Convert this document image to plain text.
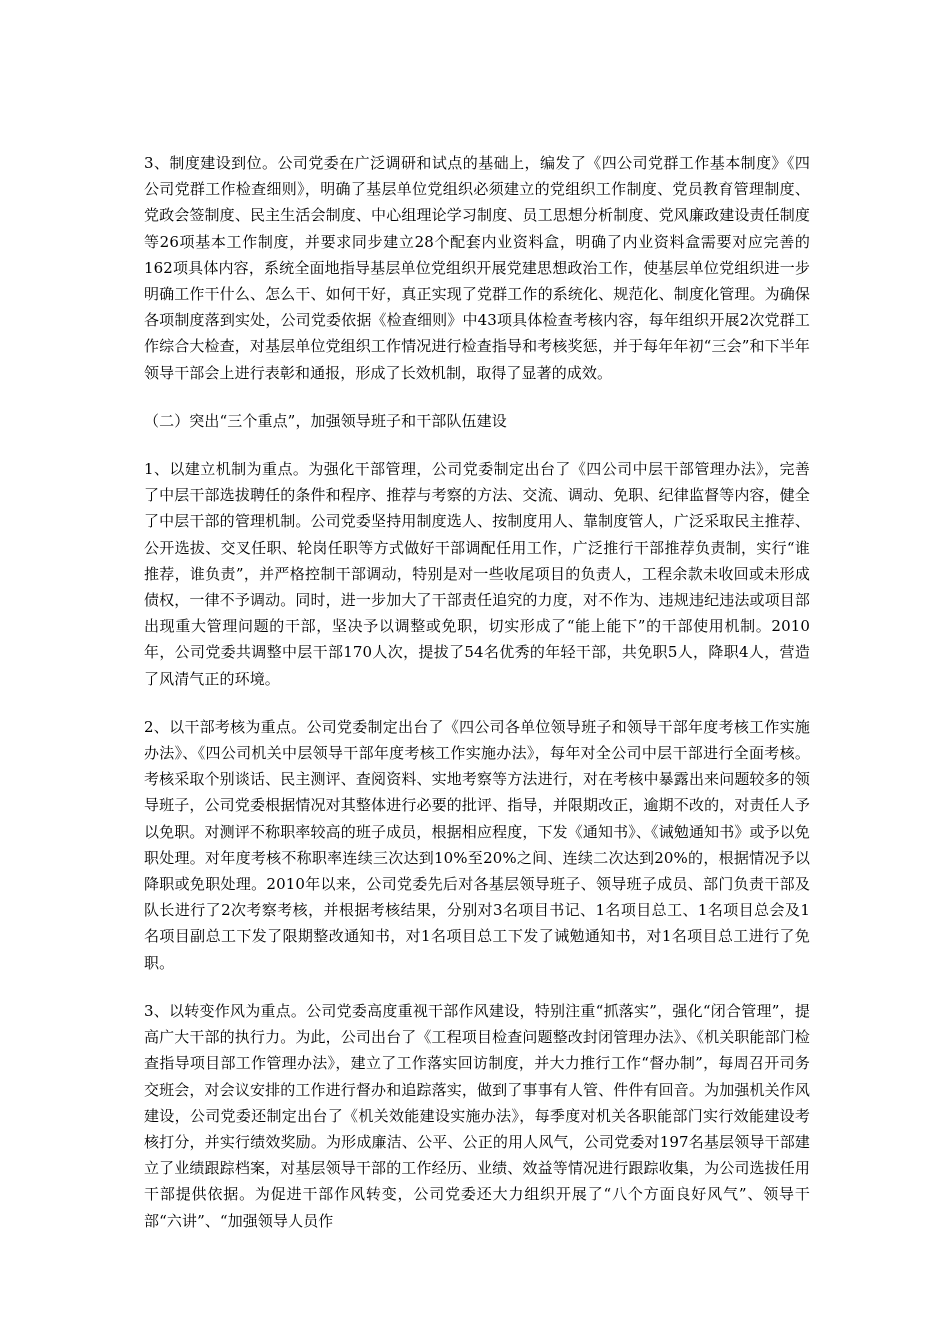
3、制度建设到位。公司党委在广泛调研和试点的基础上，编发了《四公司党群工作基本制度》《四公司党群工作检查细则》，明确了基层单位党组织必须建立的党组织工作制度、党员教育管理制度、党政会签制度、民主生活会制度、中心组理论学习制度、员工思想分析制度、党风廉政建设责任制度等26项基本工作制度，并要求同步建立28个配套内业资料盒，明确了内业资料盒需要对应完善的162项具体内容，系统全面地指导基层单位党组织开展党建思想政治工作，使基层单位党组织进一步明确工作干什么、怎么干、如何干好，真正实现了党群工作的系统化、规范化、制度化管理。为确保各项制度落到实处，公司党委依据《检查细则》中43项具体检查考核内容，每年组织开展2次党群工作综合大检查，对基层单位党组织工作情况进行检查指导和考核奖惩，并于每年年初“三会”和下半年领导干部会上进行表彰和通报，形成了长效机制，取得了显著的成效。

（二）突出“三个重点”，加强领导班子和干部队伍建设

1、以建立机制为重点。为强化干部管理，公司党委制定出台了《四公司中层干部管理办法》，完善了中层干部选拔聘任的条件和程序、推荐与考察的方法、交流、调动、免职、纪律监督等内容，健全了中层干部的管理机制。公司党委坚持用制度选人、按制度用人、靠制度管人，广泛采取民主推荐、公开选拔、交叉任职、轮岗任职等方式做好干部调配任用工作，广泛推行干部推荐负责制，实行“谁推荐，谁负责”，并严格控制干部调动，特别是对一些收尾项目的负责人，工程余款未收回或未形成债权，一律不予调动。同时，进一步加大了干部责任追究的力度，对不作为、违规违纪违法或项目部出现重大管理问题的干部，坚决予以调整或免职，切实形成了“能上能下”的干部使用机制。2010年，公司党委共调整中层干部170人次，提拔了54名优秀的年轻干部，共免职5人，降职4人，营造了风清气正的环境。

2、以干部考核为重点。公司党委制定出台了《四公司各单位领导班子和领导干部年度考核工作实施办法》、《四公司机关中层领导干部年度考核工作实施办法》，每年对全公司中层干部进行全面考核。考核采取个别谈话、民主测评、查阅资料、实地考察等方法进行，对在考核中暴露出来问题较多的领导班子，公司党委根据情况对其整体进行必要的批评、指导，并限期改正，逾期不改的，对责任人予以免职。对测评不称职率较高的班子成员，根据相应程度，下发《通知书》、《诫勉通知书》或予以免职处理。对年度考核不称职率连续三次达到10%至20%之间、连续二次达到20%的，根据情况予以降职或免职处理。2010年以来，公司党委先后对各基层领导班子、领导班子成员、部门负责干部及队长进行了2次考察考核，并根据考核结果，分别对3名项目书记、1名项目总工、1名项目总会及1名项目副总工下发了限期整改通知书，对1名项目总工下发了诫勉通知书，对1名项目总工进行了免职。

3、以转变作风为重点。公司党委高度重视干部作风建设，特别注重“抓落实”，强化“闭合管理”，提高广大干部的执行力。为此，公司出台了《工程项目检查问题整改封闭管理办法》、《机关职能部门检查指导项目部工作管理办法》，建立了工作落实回访制度，并大力推行工作“督办制”，每周召开司务交班会，对会议安排的工作进行督办和追踪落实，做到了事事有人管、件件有回音。为加强机关作风建设，公司党委还制定出台了《机关效能建设实施办法》，每季度对机关各职能部门实行效能建设考核打分，并实行绩效奖励。为形成廉洁、公平、公正的用人风气，公司党委对197名基层领导干部建立了业绩跟踪档案，对基层领导干部的工作经历、业绩、效益等情况进行跟踪收集，为公司选拔任用干部提供依据。为促进干部作风转变，公司党委还大力组织开展了“八个方面良好风气”、领导干部“六讲”、“加强领导人员作
